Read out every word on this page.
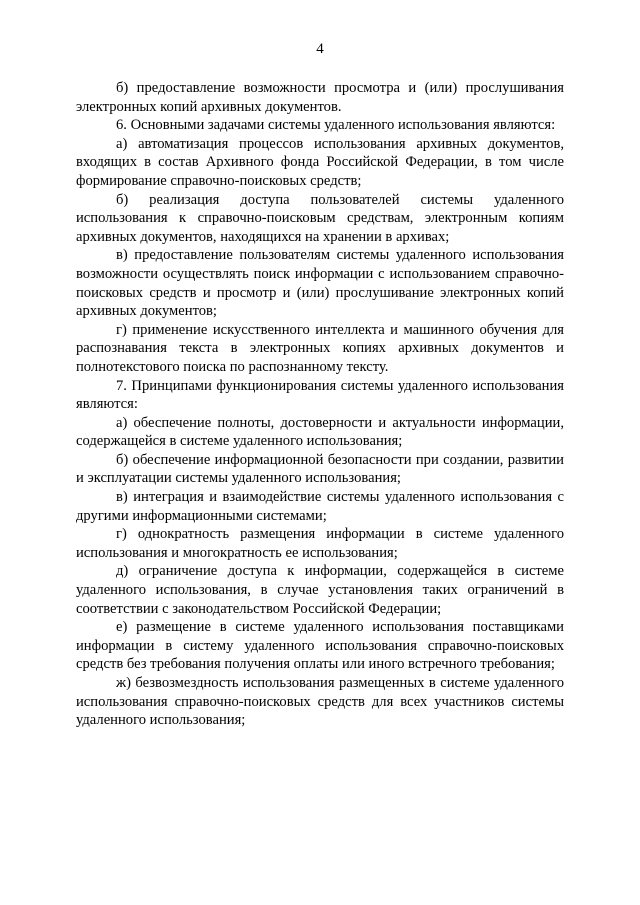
4

б) предоставление возможности просмотра и (или) прослушивания электронных копий архивных документов.

6. Основными задачами системы удаленного использования являются:

а) автоматизация процессов использования архивных документов, входящих в состав Архивного фонда Российской Федерации, в том числе формирование справочно-поисковых средств;

б) реализация доступа пользователей системы удаленного использования к справочно-поисковым средствам, электронным копиям архивных документов, находящихся на хранении в архивах;

в) предоставление пользователям системы удаленного использования возможности осуществлять поиск информации с использованием справочно-поисковых средств и просмотр и (или) прослушивание электронных копий архивных документов;

г) применение искусственного интеллекта и машинного обучения для распознавания текста в электронных копиях архивных документов и полнотекстового поиска по распознанному тексту.

7. Принципами функционирования системы удаленного использования являются:

а) обеспечение полноты, достоверности и актуальности информации, содержащейся в системе удаленного использования;

б) обеспечение информационной безопасности при создании, развитии и эксплуатации системы удаленного использования;

в) интеграция и взаимодействие системы удаленного использования с другими информационными системами;

г) однократность размещения информации в системе удаленного использования и многократность ее использования;

д) ограничение доступа к информации, содержащейся в системе удаленного использования, в случае установления таких ограничений в соответствии с законодательством Российской Федерации;

е) размещение в системе удаленного использования поставщиками информации в систему удаленного использования справочно-поисковых средств без требования получения оплаты или иного встречного требования;

ж) безвозмездность использования размещенных в системе удаленного использования справочно-поисковых средств для всех участников системы удаленного использования;
